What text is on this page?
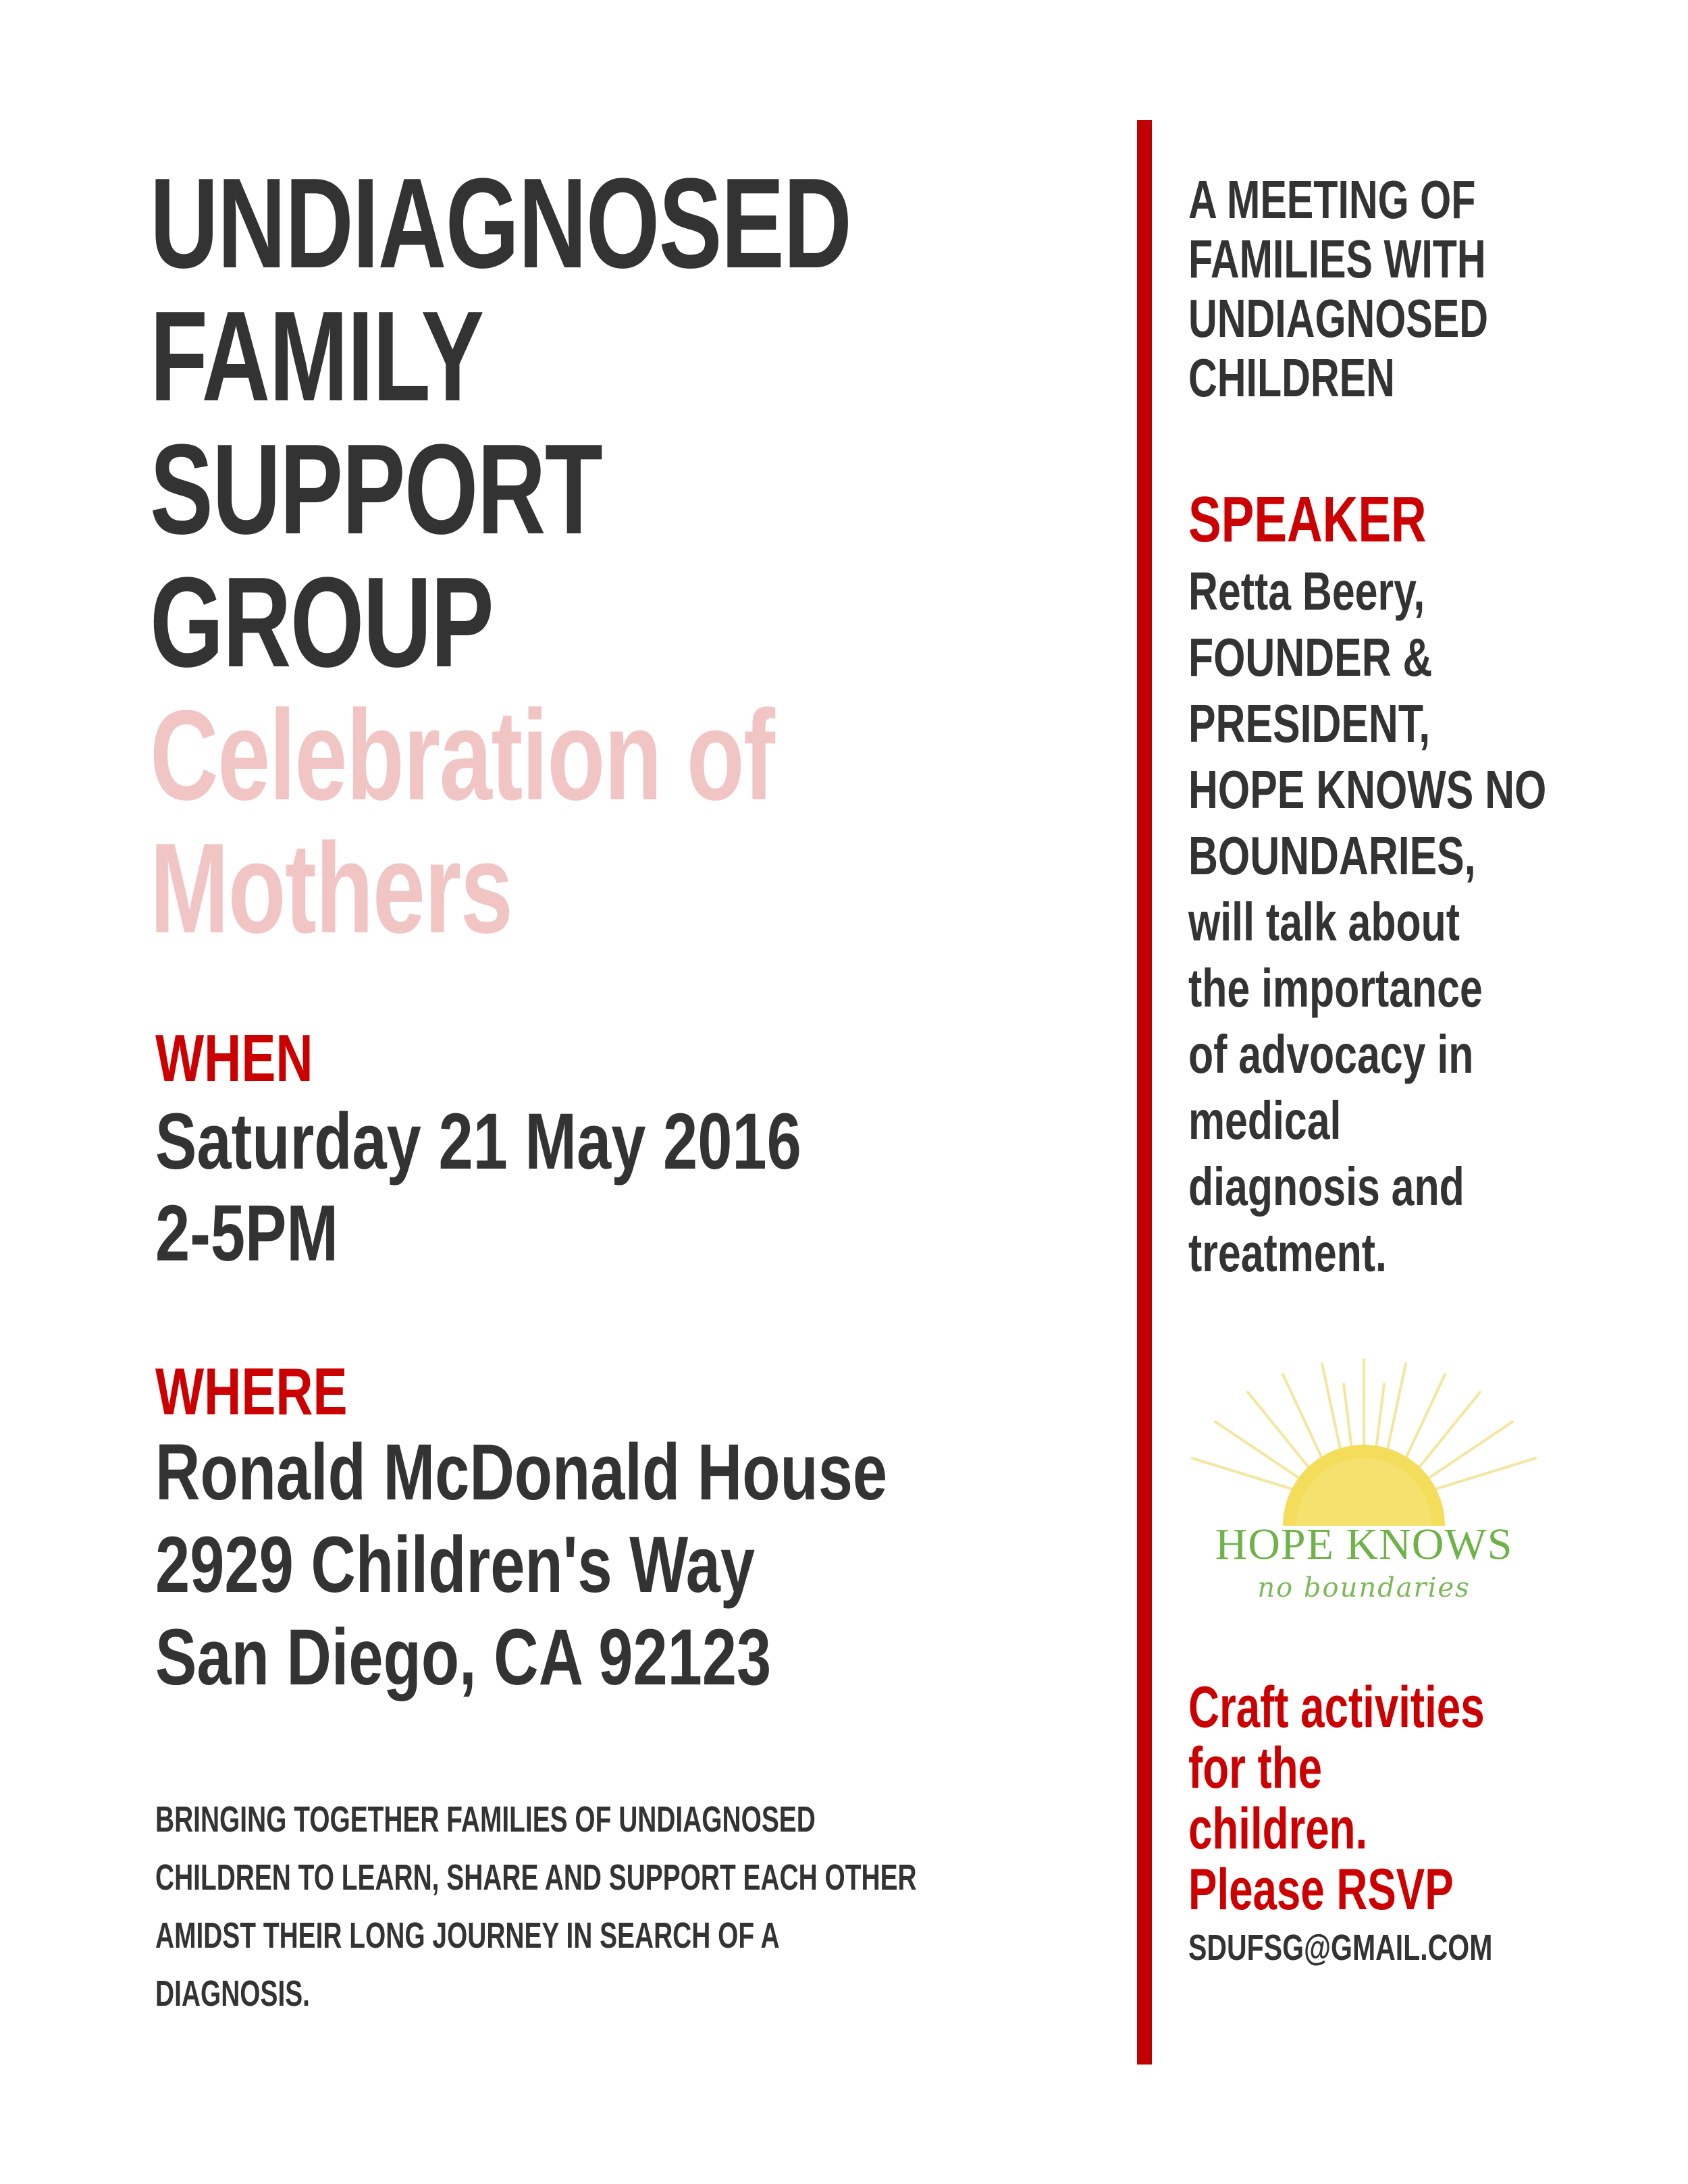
UNDIAGNOSED

FAMILY

SUPPORT

GROUP

Celebration of

Mothers

WHEN

Saturday 21 May 2016

2-5PM

WHERE

Ronald McDonald House

2929 Children's Way

San Diego, CA 92123

BRINGING TOGETHER FAMILIES OF UNDIAGNOSED

CHILDREN TO LEARN, SHARE AND SUPPORT EACH OTHER

AMIDST THEIR LONG JOURNEY IN SEARCH OF A

DIAGNOSIS.

A MEETING OF

FAMILIES WITH

UNDIAGNOSED

CHILDREN

SPEAKER

Retta Beery,

FOUNDER &

PRESIDENT,

HOPE KNOWS NO

BOUNDARIES,

will talk about

the importance

of advocacy in

medical

diagnosis and

treatment.

HOPE KNOWS
no boundaries

Craft activities

for the

children.

Please RSVP

SDUFSG@GMAIL.COM
